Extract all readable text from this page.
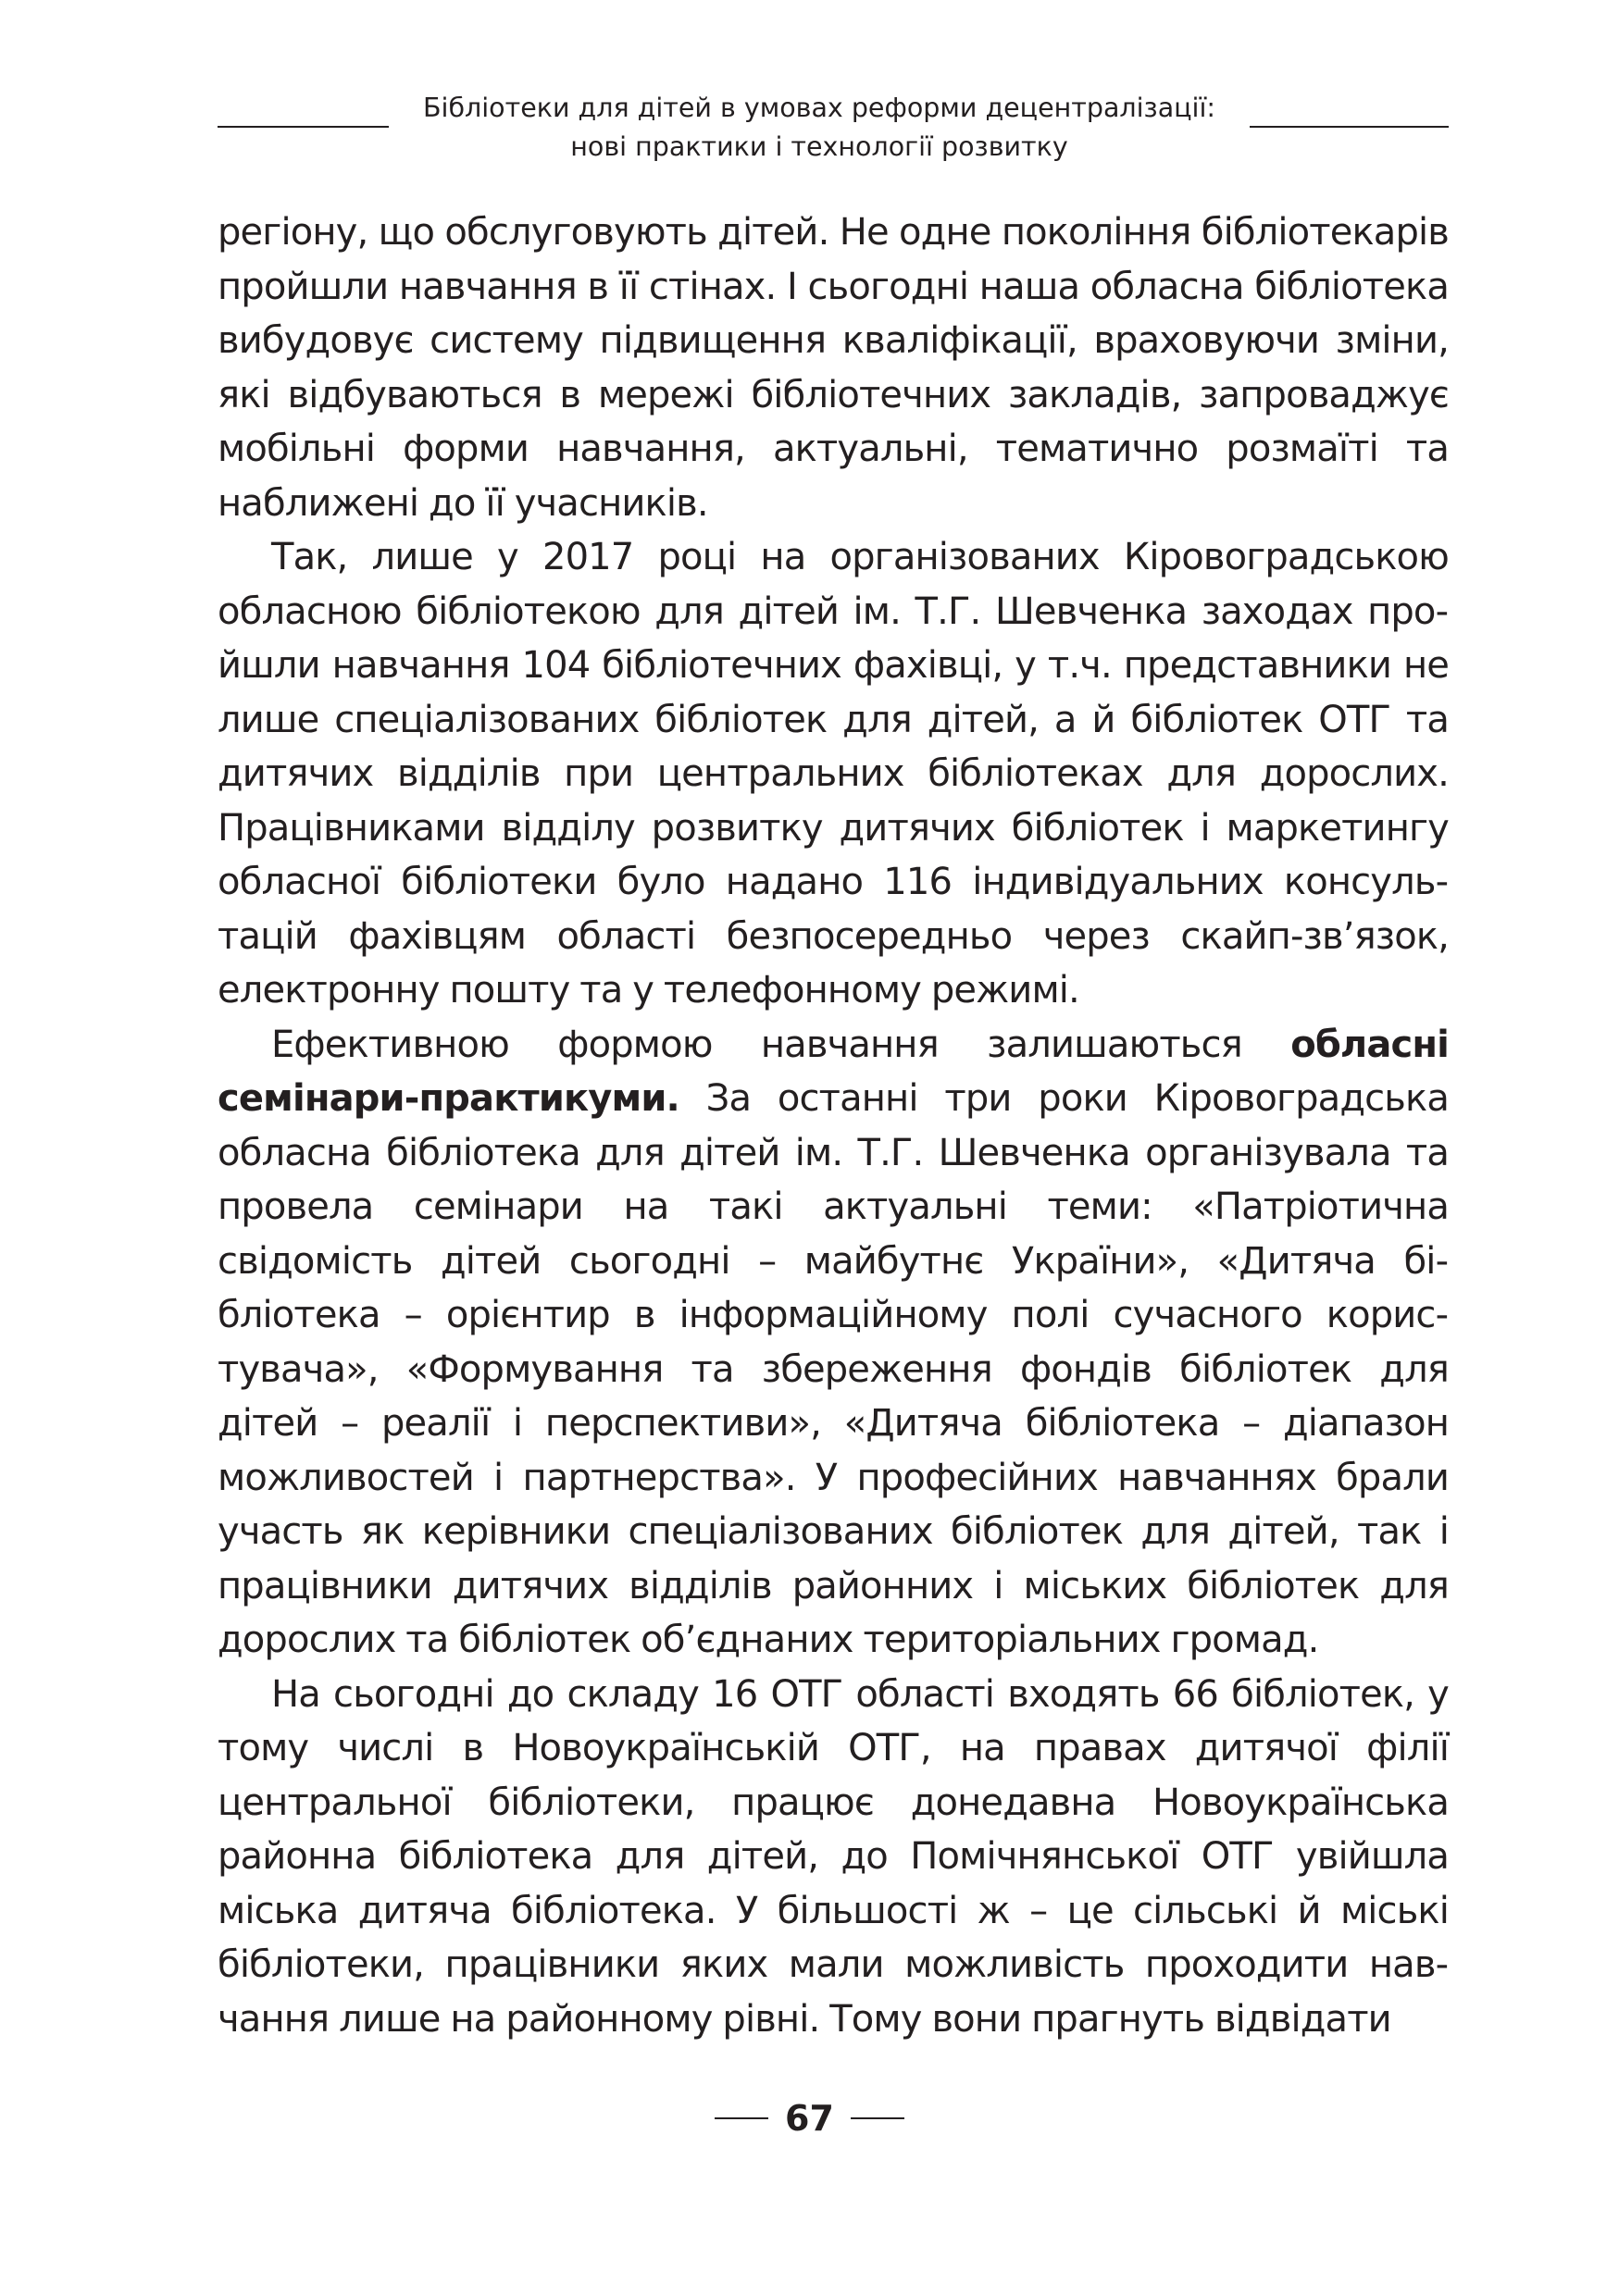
Бібліотеки для дітей в умовах реформи децентралізації:
нові практики і технології розвитку

регіону, що обслуговують дітей. Не одне покоління бібліотекарів пройшли навчання в її стінах. І сьогодні наша обласна бібліотека вибудовує систему підвищення кваліфікації, враховуючи зміни, які відбуваються в мережі бібліотечних закладів, запроваджує мобільні форми навчання, актуальні, тематично розмаїті та наближені до її учасників.

Так, лише у 2017 році на організованих Кіровоградською обласною бібліотекою для дітей ім. Т.Г. Шевченка заходах пройшли навчання 104 бібліотечних фахівці, у т.ч. представники не лише спеціалізованих бібліотек для дітей, а й бібліотек ОТГ та дитячих відділів при центральних бібліотеках для дорослих. Працівниками відділу розвитку дитячих бібліотек і маркетингу обласної бібліотеки було надано 116 індивідуальних консультацій фахівцям області безпосередньо через скайп-зв’язок, електронну пошту та у телефонному режимі.

Ефективною формою навчання залишаються обласні семінари-практикуми. За останні три роки Кіровоградська обласна бібліотека для дітей ім. Т.Г. Шевченка організувала та провела семінари на такі актуальні теми: «Патріотична свідомість дітей сьогодні – майбутнє України», «Дитяча бібліотека – орієнтир в інформаційному полі сучасного користувача», «Формування та збереження фондів бібліотек для дітей – реалії і перспективи», «Дитяча бібліотека – діапазон можливостей і партнерства». У професійних навчаннях брали участь як керівники спеціалізованих бібліотек для дітей, так і працівники дитячих відділів районних і міських бібліотек для дорослих та бібліотек об’єднаних територіальних громад.

На сьогодні до складу 16 ОТГ області входять 66 бібліотек, у тому числі в Новоукраїнській ОТГ, на правах дитячої філії центральної бібліотеки, працює донедавна Новоукраїнська районна бібліотека для дітей, до Помічнянської ОТГ увійшла міська дитяча бібліотека. У більшості ж – це сільські й міські бібліотеки, працівники яких мали можливість проходити навчання лише на районному рівні. Тому вони прагнуть відвідати

67
